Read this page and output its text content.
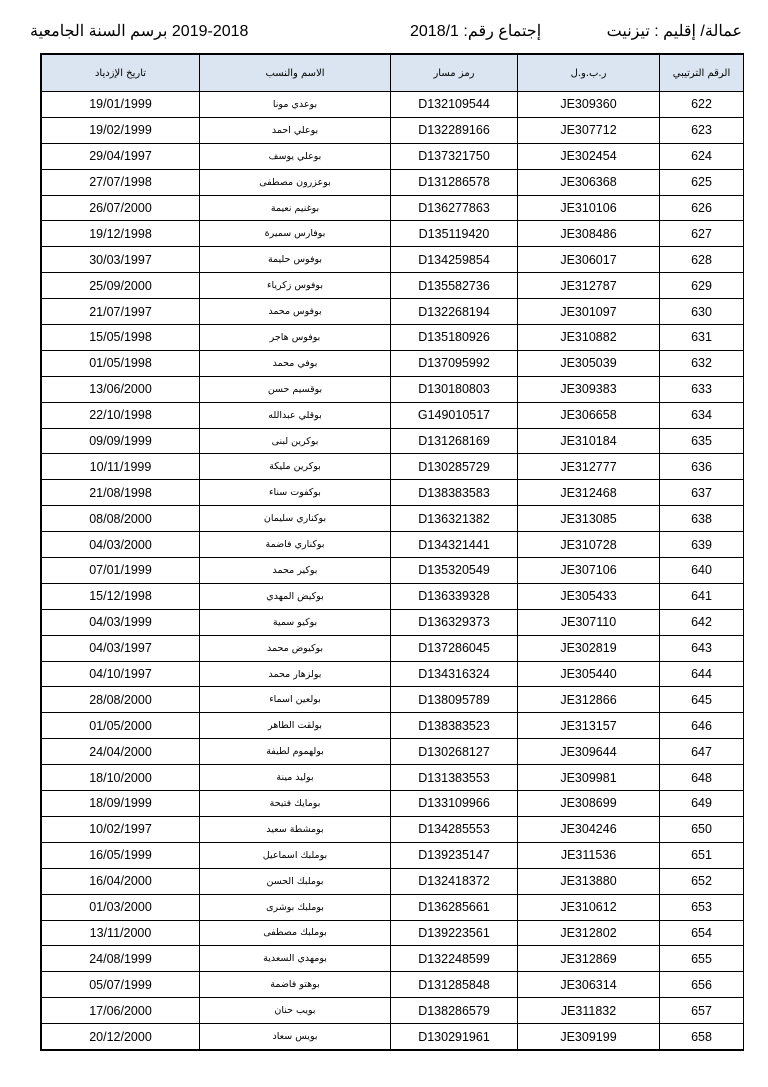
2019-2018 برسم السنة الجامعية	إجتماع رقم: 2018/1	عمالة/ إقليم : تيزنيت
تاريخ الإزدياد	الاسم والنسب	رمز مسار	ر.ب.و.ل	الرقم الترتيبي
19/01/1999	بوعدي مونا	D132109544	JE309360	622
19/02/1999	بوعلي احمد	D132289166	JE307712	623
29/04/1997	بوعلي يوسف	D137321750	JE302454	624
27/07/1998	بوعزرون مصطفى	D131286578	JE306368	625
26/07/2000	بوغنيم نعيمة	D136277863	JE310106	626
19/12/1998	بوفارس سميرة	D135119420	JE308486	627
30/03/1997	بوفوس حليمة	D134259854	JE306017	628
25/09/2000	بوفوس زكرياء	D135582736	JE312787	629
21/07/1997	بوفوس محمد	D132268194	JE301097	630
15/05/1998	بوفوس هاجر	D135180926	JE310882	631
01/05/1998	بوفي محمد	D137095992	JE305039	632
13/06/2000	بوقسيم حسن	D130180803	JE309383	633
22/10/1998	بوقلي عبدالله	G149010517	JE306658	634
09/09/1999	بوكرين لبنى	D131268169	JE310184	635
10/11/1999	بوكرين مليكة	D130285729	JE312777	636
21/08/1998	بوكفوت سناء	D138383583	JE312468	637
08/08/2000	بوكناري سليمان	D136321382	JE313085	638
04/03/2000	بوكناري فاضمة	D134321441	JE310728	639
07/01/1999	بوكير محمد	D135320549	JE307106	640
15/12/1998	بوكيض المهدي	D136339328	JE305433	641
04/03/1999	بوكيو سمية	D136329373	JE307110	642
04/03/1997	بوكيوض محمد	D137286045	JE302819	643
04/10/1997	بولزهار محمد	D134316324	JE305440	644
28/08/2000	بولعين اسماء	D138095789	JE312866	645
01/05/2000	بولقت الطاهر	D138383523	JE313157	646
24/04/2000	بولهموم لطيفة	D130268127	JE309644	647
18/10/2000	بوليد مينة	D131383553	JE309981	648
18/09/1999	بومايك فتيحة	D133109966	JE308699	649
10/02/1997	بومشطة سعيد	D134285553	JE304246	650
16/05/1999	بوملبك اسماعيل	D139235147	JE311536	651
16/04/2000	بوملبك الحسن	D132418372	JE313880	652
01/03/2000	بوملبك بوشرى	D136285661	JE310612	653
13/11/2000	بوملبك مصطفى	D139223561	JE312802	654
24/08/1999	بومهدي السعدية	D132248599	JE312869	655
05/07/1999	بوهتو فاضمة	D131285848	JE306314	656
17/06/2000	بويب حنان	D138286579	JE311832	657
20/12/2000	بويس سعاد	D130291961	JE309199	658
